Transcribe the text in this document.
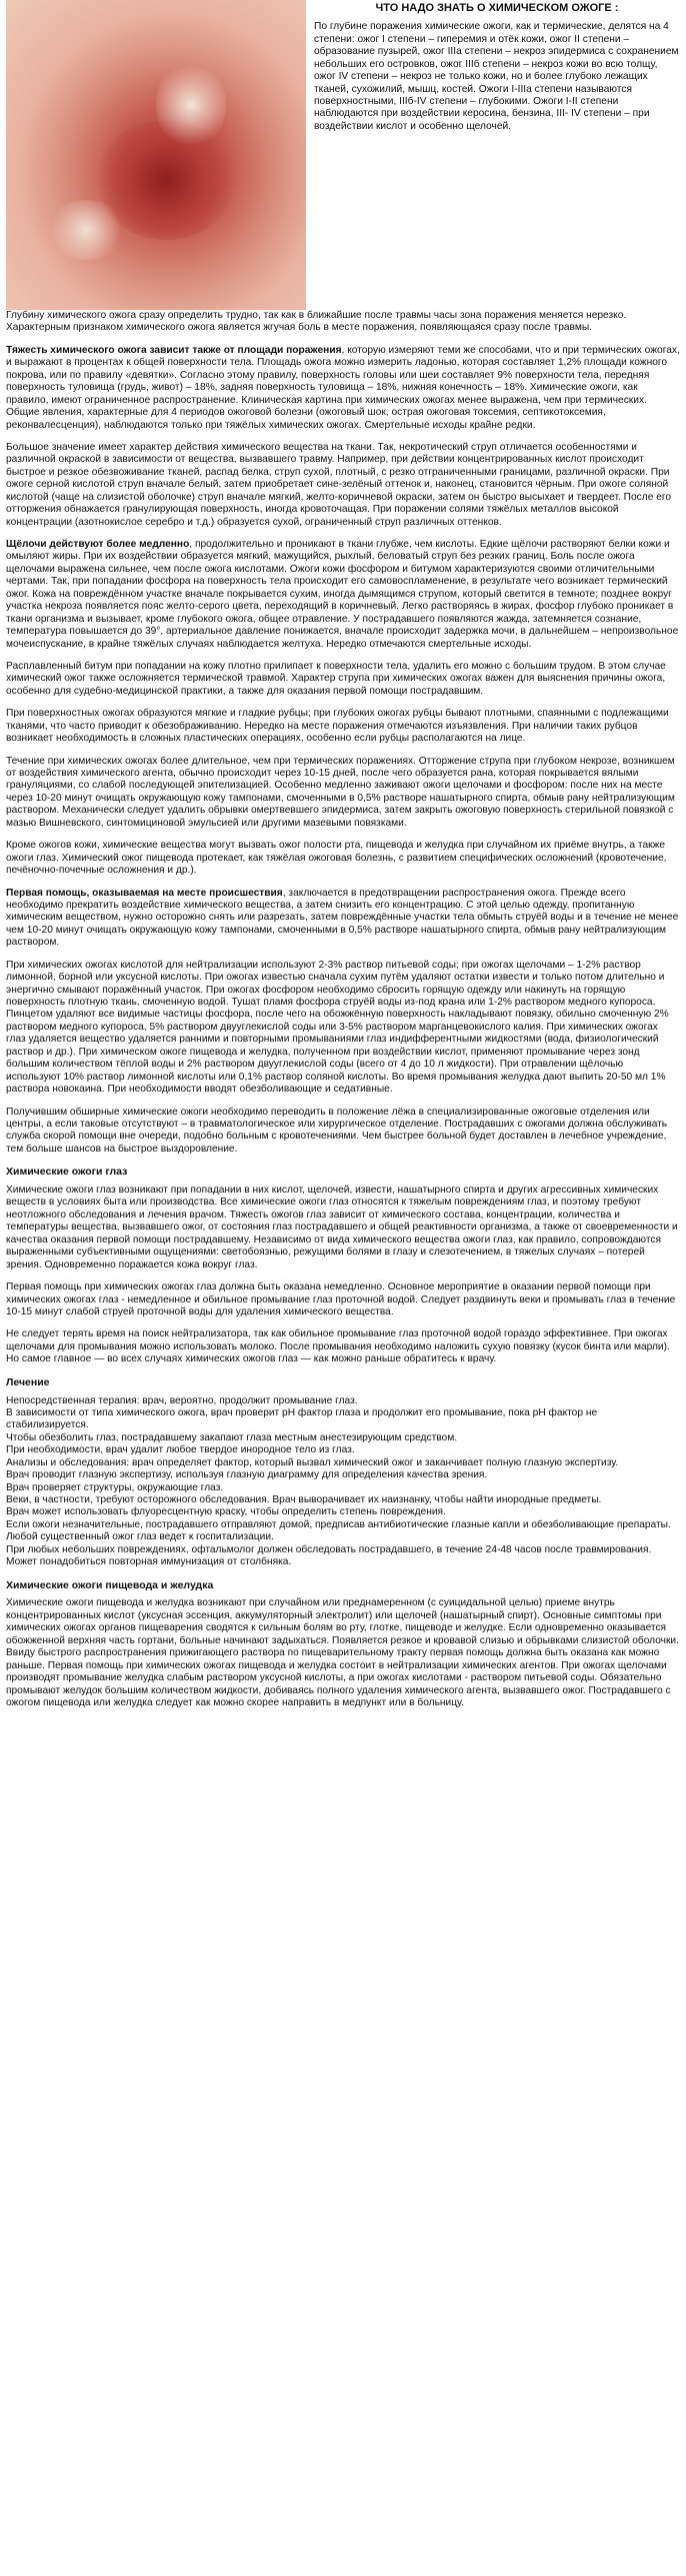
ЧТО НАДО ЗНАТЬ О ХИМИЧЕСКОМ ОЖОГЕ :

По глубине поражения химические ожоги, как и термические, делятся на 4 степени: ожог I степени – гиперемия и отёк кожи, ожог II степени – образование пузырей, ожог IIIа степени – некроз эпидермиса с сохранением небольших его островков, ожог IIIб степени – некроз кожи во всю толщу, ожог IV степени – некроз не только кожи, но и более глубоко лежащих тканей, сухожилий, мышц, костей. Ожоги I-IIIа степени называются поверхностными, IIIб-IV степени – глубокими. Ожоги I-II степени наблюдаются при воздействии керосина, бензина, III- IV степени – при воздействии кислот и особенно щелочей.

Глубину химического ожога сразу определить трудно, так как в ближайшие после травмы часы зона поражения меняется нерезко. Характерным признаком химического ожога является жгучая боль в месте поражения, появляющаяся сразу после травмы.

Тяжесть химического ожога зависит также от площади поражения, которую измеряют теми же способами, что и при термических ожогах, и выражают в процентах к общей поверхности тела. Площадь ожога можно измерить ладонью, которая составляет 1,2% площади кожного покрова, или по правилу «девятки». Согласно этому правилу, поверхность головы или шеи составляет 9% поверхности тела, передняя поверхность туловища (грудь, живот) – 18%, задняя поверхность туловища – 18%, нижняя конечность – 18%. Химические ожоги, как правило, имеют ограниченное распространение. Клиническая картина при химических ожогах менее выражена, чем при термических. Общие явления, характерные для 4 периодов ожоговой болезни (ожоговый шок, острая ожоговая токсемия, септикотоксемия, реконвалесценция), наблюдаются только при тяжёлых химических ожогах. Смертельные исходы крайне редки.

Большое значение имеет характер действия химического вещества на ткани. Так, некротический струп отличается особенностями и различной окраской в зависимости от вещества, вызвавшего травму. Например, при действии концентрированных кислот происходит быстрое и резкое обезвоживание тканей, распад белка, струп сухой, плотный, с резко отграниченными границами, различной окраски. При ожоге серной кислотой струп вначале белый, затем приобретает сине-зелёный оттенок и, наконец, становится чёрным. При ожоге соляной кислотой (чаще на слизистой оболочке) струп вначале мягкий, желто-коричневой окраски, затем он быстро высыхает и твердеет. После его отторжения обнажается гранулирующая поверхность, иногда кровоточащая. При поражении солями тяжёлых металлов высокой концентрации (азотнокислое серебро и т.д.) образуется сухой, ограниченный струп различных оттенков.

Щёлочи действуют более медленно, продолжительно и проникают в ткани глубже, чем кислоты. Едкие щёлочи растворяют белки кожи и омыляют жиры. При их воздействии образуется мягкий, мажущийся, рыхлый, беловатый струп без резких границ. Боль после ожога щелочами выражена сильнее, чем после ожога кислотами. Ожоги кожи фосфором и битумом характеризуются своими отличительными чертами. Так, при попадании фосфора на поверхность тела происходит его самовоспламенение, в результате чего возникает термический ожог. Кожа на повреждённом участке вначале покрывается сухим, иногда дымящимся струпом, который светится в темноте; позднее вокруг участка некроза появляется пояс желто-серого цвета, переходящий в коричневый. Легко растворяясь в жирах, фосфор глубоко проникает в ткани организма и вызывает, кроме глубокого ожога, общее отравление. У пострадавшего появляются жажда, затемняется сознание, температура повышается до 39°, артериальное давление понижается, вначале происходит задержка мочи, в дальнейшем – непроизвольное мочеиспускание, в крайне тяжёлых случаях наблюдается желтуха. Нередко отмечаются смертельные исходы.

Расплавленный битум при попадании на кожу плотно прилипает к поверхности тела, удалить его можно с большим трудом. В этом случае химический ожог также осложняется термической травмой. Характер струпа при химических ожогах важен для выяснения причины ожога, особенно для судебно-медицинской практики, а также для оказания первой помощи пострадавшим.

При поверхностных ожогах образуются мягкие и гладкие рубцы; при глубоких ожогах рубцы бывают плотными, спаянными с подлежащими тканями, что часто приводит к обезображиванию. Нередко на месте поражения отмечаются изъязвления. При наличии таких рубцов возникает необходимость в сложных пластических операциях, особенно если рубцы располагаются на лице.

Течение при химических ожогах более длительное, чем при термических поражениях. Отторжение струпа при глубоком некрозе, возникшем от воздействия химического агента, обычно происходит через 10-15 дней, после чего образуется рана, которая покрывается вялыми грануляциями, со слабой последующей эпителизацией. Особенно медленно заживают ожоги щелочами и фосфором: после них на месте через 10-20 минут очищать окружающую кожу тампонами, смоченными в 0,5% растворе нашатырного спирта, обмыв рану нейтрализующим раствором. Механически следует удалить обрывки омертвевшего эпидермиса, затем закрыть ожоговую поверхность стерильной повязкой с мазью Вишневского, синтомициновой эмульсией или другими мазевыми повязками.

Кроме ожогов кожи, химические вещества могут вызвать ожог полости рта, пищевода и желудка при случайном их приёме внутрь, а также ожоги глаз. Химический ожог пищевода протекает, как тяжёлая ожоговая болезнь, с развитием специфических осложнений (кровотечение, печёночно-почечные осложнения и др.).

Первая помощь, оказываемая на месте происшествия, заключается в предотвращении распространения ожога. Прежде всего необходимо прекратить воздействие химического вещества, а затем снизить его концентрацию. С этой целью одежду, пропитанную химическим веществом, нужно осторожно снять или разрезать, затем повреждённые участки тела обмыть струёй воды и в течение не менее чем 10-20 минут очищать окружающую кожу тампонами, смоченными в 0,5% растворе нашатырного спирта, обмыв рану нейтрализующим раствором.

При химических ожогах кислотой для нейтрализации используют 2-3% раствор питьевой соды; при ожогах щелочами – 1-2% раствор лимонной, борной или уксусной кислоты. При ожогах известью сначала сухим путём удаляют остатки извести и только потом длительно и энергично смывают поражённый участок. При ожогах фосфором необходимо сбросить горящую одежду или накинуть на горящую поверхность плотную ткань, смоченную водой. Тушат пламя фосфора струёй воды из-под крана или 1-2% раствором медного купороса. Пинцетом удаляют все видимые частицы фосфора, после чего на обожжённую поверхность накладывают повязку, обильно смоченную 2% раствором медного купороса, 5% раствором двууглекислой соды или 3-5% раствором марганцевокислого калия. При химических ожогах глаз удаляется вещество удаляется ранними и повторными промываниями глаз индифферентными жидкостями (вода, физиологический раствор и др.). При химическом ожоге пищевода и желудка, полученном при воздействии кислот, применяют промывание через зонд большим количеством тёплой воды и 2% раствором двууглекислой соды (всего от 4 до 10 л жидкости). При отравлении щёлочью используют 10% раствор лимонной кислоты или 0,1% раствор соляной кислоты. Во время промывания желудка дают выпить 20-50 мл 1% раствора новокаина. При необходимости вводят обезболивающие и седативные.

Получившим обширные химические ожоги необходимо переводить в положение лёжа в специализированные ожоговые отделения или центры, а если таковые отсутствуют – в травматологическое или хирургическое отделение. Пострадавших с ожогами должна обслуживать служба скорой помощи вне очереди, подобно больным с кровотечениями. Чем быстрее больной будет доставлен в лечебное учреждение, тем больше шансов на быстрое выздоровление.

Химические ожоги глаз

Химические ожоги глаз возникают при попадании в них кислот, щелочей, извести, нашатырного спирта и других агрессивных химических веществ в условиях быта или производства. Все химические ожоги глаз относятся к тяжелым повреждениям глаз, и поэтому требуют неотложного обследования и лечения врачом. Тяжесть ожогов глаз зависит от химического состава, концентрации, количества и температуры вещества, вызвавшего ожог, от состояния глаз пострадавшего и общей реактивности организма, а также от своевременности и качества оказания первой помощи пострадавшему. Независимо от вида химического вещества ожоги глаз, как правило, сопровождаются выраженными субъективными ощущениями: светобоязнью, режущими болями в глазу и слезотечением, в тяжелых случаях – потерей зрения. Одновременно поражается кожа вокруг глаз.

Первая помощь при химических ожогах глаз должна быть оказана немедленно. Основное мероприятие в оказании первой помощи при химических ожогах глаз - немедленное и обильное промывание глаз проточной водой. Следует раздвинуть веки и промывать глаз в течение 10-15 минут слабой струей проточной воды для удаления химического вещества.

Не следует терять время на поиск нейтрализатора, так как обильное промывание глаз проточной водой гораздо эффективнее. При ожогах щелочами для промывания можно использовать молоко. После промывания необходимо наложить сухую повязку (кусок бинта или марли). Но самое главное — во всех случаях химических ожогов глаз — как можно раньше обратитесь к врачу.

Лечение

Непосредственная терапия: врач, вероятно, продолжит промывание глаз.
В зависимости от типа химического ожога, врач проверит pH фактор глаза и продолжит его промывание, пока pH фактор не стабилизируется.
Чтобы обезболить глаз, пострадавшему закапают глаза местным анестезирующим средством.
При необходимости, врач удалит любое твердое инородное тело из глаз.
Анализы и обследования: врач определяет фактор, который вызвал химический ожог и заканчивает полную глазную экспертизу.
Врач проводит глазную экспертизу, используя глазную диаграмму для определения качества зрения.
Врач проверяет структуры, окружающие глаз.
Веки, в частности, требуют осторожного обследования. Врач выворачивает их наизнанку, чтобы найти инородные предметы.
Врач может использовать флуоресцентную краску, чтобы определить степень повреждения.
Если ожоги незначительные, пострадавшего отправляют домой, предписав антибиотические глазные капли и обезболивающие препараты.
Любой существенный ожог глаз ведет к госпитализации.
При любых небольших повреждениях, офтальмолог должен обследовать пострадавшего, в течение 24-48 часов после травмирования.
Может понадобиться повторная иммунизация от столбняка.

Химические ожоги пищевода и желудка

Химические ожоги пищевода и желудка возникают при случайном или преднамеренном (с суицидальной целью) приеме внутрь концентрированных кислот (уксусная эссенция, аккумуляторный электролит) или щелочей (нашатырный спирт). Основные симптомы при химических ожогах органов пищеварения сводятся к сильным болям во рту, глотке, пищеводе и желудке. Если одновременно оказывается обожженной верхняя часть гортани, больные начинают задыхаться. Появляется резкое и кровавой слизью и обрывками слизистой оболочки. Ввиду быстрого распространения прижигающего раствора по пищеварительному тракту первая помощь должна быть оказана как можно раньше. Первая помощь при химических ожогах пищевода и желудка состоит в нейтрализации химических агентов. При ожогах щелочами производят промывание желудка слабым раствором уксусной кислоты, а при ожогах кислотами - раствором питьевой соды. Обязательно промывают желудок большим количеством жидкости, добиваясь полного удаления химического агента, вызвавшего ожог. Пострадавшего с ожогом пищевода или желудка следует как можно скорее направить в медпункт или в больницу.
